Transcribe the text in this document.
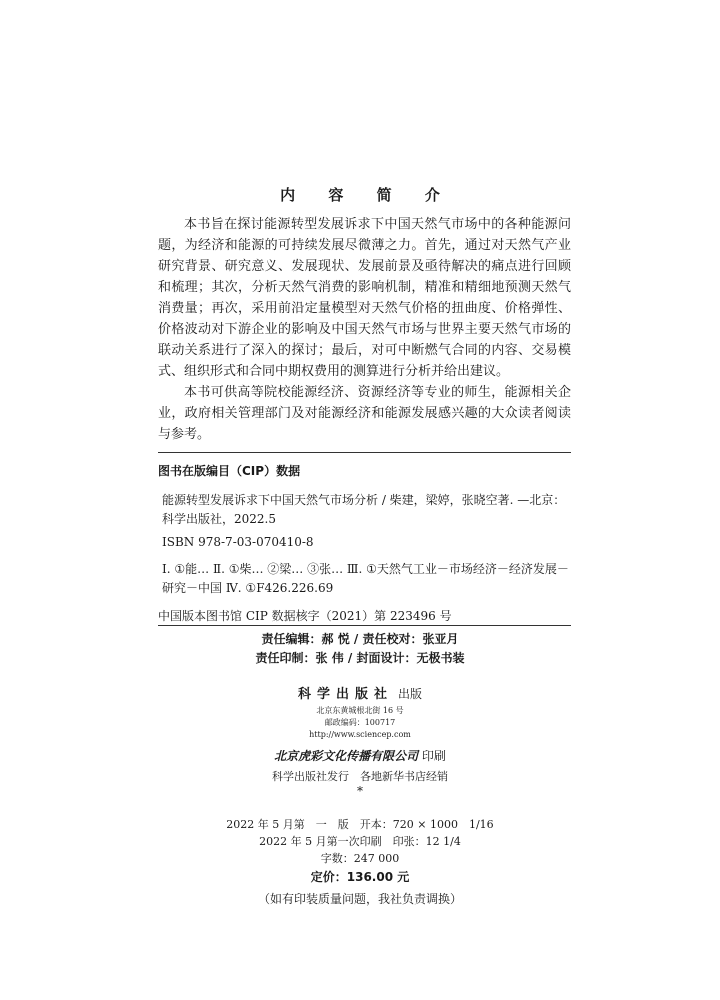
内 容 简 介

本书旨在探讨能源转型发展诉求下中国天然气市场中的各种能源问题，为经济和能源的可持续发展尽微薄之力。首先，通过对天然气产业研究背景、研究意义、发展现状、发展前景及亟待解决的痛点进行回顾和梳理；其次，分析天然气消费的影响机制，精准和精细地预测天然气消费量；再次，采用前沿定量模型对天然气价格的扭曲度、价格弹性、价格波动对下游企业的影响及中国天然气市场与世界主要天然气市场的联动关系进行了深入的探讨；最后，对可中断燃气合同的内容、交易模式、组织形式和合同中期权费用的测算进行分析并给出建议。

本书可供高等院校能源经济、资源经济等专业的师生，能源相关企业，政府相关管理部门及对能源经济和能源发展感兴趣的大众读者阅读与参考。

图书在版编目（CIP）数据
能源转型发展诉求下中国天然气市场分析 / 柴建，梁婷，张晓空著. —北京：科学出版社，2022.5
ISBN 978-7-03-070410-8
Ⅰ. ①能… Ⅱ. ①柴… ②梁… ③张… Ⅲ. ①天然气工业－市场经济－经济发展－研究－中国 Ⅳ. ①F426.226.69
中国版本图书馆 CIP 数据核字（2021）第 223496 号
责任编辑：郝 悦 / 责任校对：张亚月
责任印制：张 伟 / 封面设计：无极书装
科学出版社 出版
北京东黄城根北街 16 号
邮政编码：100717
http://www.sciencep.com
北京虎彩文化传播有限公司 印刷
科学出版社发行　各地新华书店经销
*
2022 年 5 月第　一　版　开本：720 × 1000　1/16
2022 年 5 月第一次印刷　印张：12 1/4
字数：247 000
定价：136.00 元
（如有印装质量问题，我社负责调换）
